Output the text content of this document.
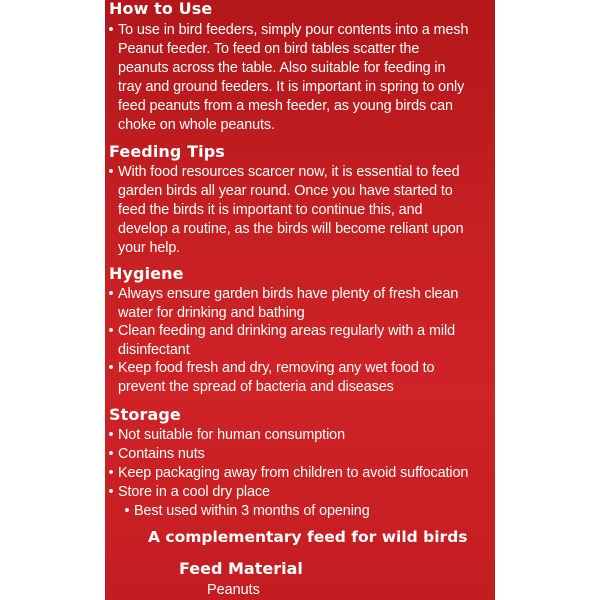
How to Use
• To use in bird feeders, simply pour contents into a mesh
Peanut feeder. To feed on bird tables scatter the
peanuts across the table. Also suitable for feeding in
tray and ground feeders. It is important in spring to only
feed peanuts from a mesh feeder, as young birds can
choke on whole peanuts.
Feeding Tips
• With food resources scarcer now, it is essential to feed
garden birds all year round. Once you have started to
feed the birds it is important to continue this, and
develop a routine, as the birds will become reliant upon
your help.
Hygiene
• Always ensure garden birds have plenty of fresh clean
water for drinking and bathing
• Clean feeding and drinking areas regularly with a mild
disinfectant
• Keep food fresh and dry, removing any wet food to
prevent the spread of bacteria and diseases
Storage
• Not suitable for human consumption
• Contains nuts
• Keep packaging away from children to avoid suffocation
• Store in a cool dry place
• Best used within 3 months of opening
A complementary feed for wild birds
Feed Material
Peanuts
